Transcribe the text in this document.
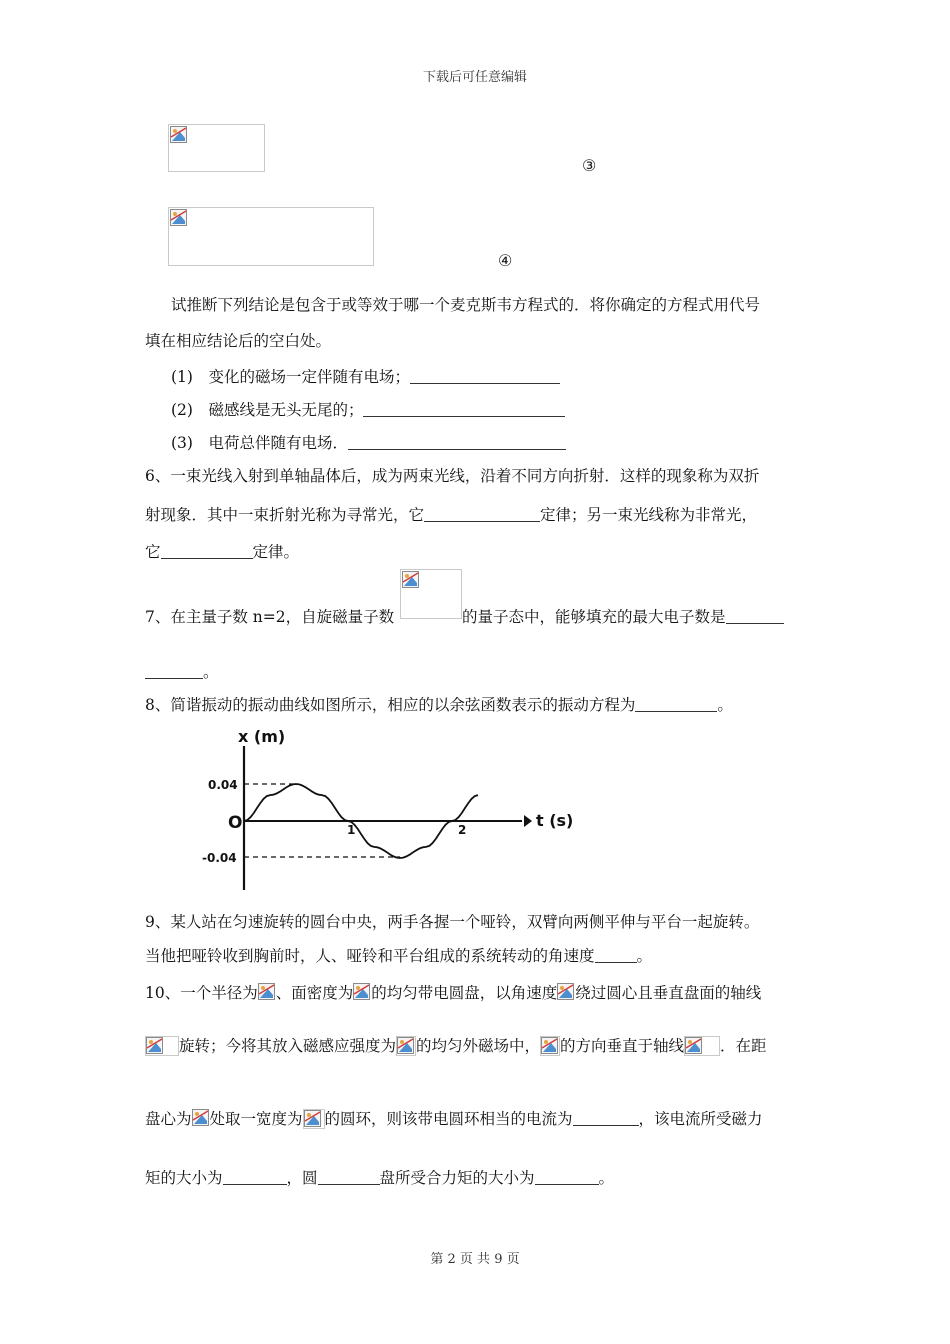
下载后可任意编辑
③
④
试推断下列结论是包含于或等效于哪一个麦克斯韦方程式的．将你确定的方程式用代号
填在相应结论后的空白处。
(1)　变化的磁场一定伴随有电场；
(2)　磁感线是无头无尾的；
(3)　电荷总伴随有电场．
6、一束光线入射到单轴晶体后，成为两束光线，沿着不同方向折射．这样的现象称为双折
射现象．其中一束折射光称为寻常光，它	定律；另一束光线称为非常光，
它	定律。
7、在主量子数 n=2，自旋磁量子数	的量子态中，能够填充的最大电子数是
。
8、简谐振动的振动曲线如图所示，相应的以余弦函数表示的振动方程为	。
x (m)
t (s)
0.04
O
-0.04
1	2
9、某人站在匀速旋转的圆台中央，两手各握一个哑铃，双臂向两侧平伸与平台一起旋转。
当他把哑铃收到胸前时，人、哑铃和平台组成的系统转动的角速度	。
10、一个半径为 、面密度为 的均匀带电圆盘，以角速度 绕过圆心且垂直盘面的轴线
旋转；今将其放入磁感应强度为 的均匀外磁场中， 的方向垂直于轴线 ．在距
盘心为 处取一宽度为 的圆环，则该带电圆环相当的电流为	，该电流所受磁力
矩的大小为	，圆	盘所受合力矩的大小为	。
第 2 页 共 9 页
